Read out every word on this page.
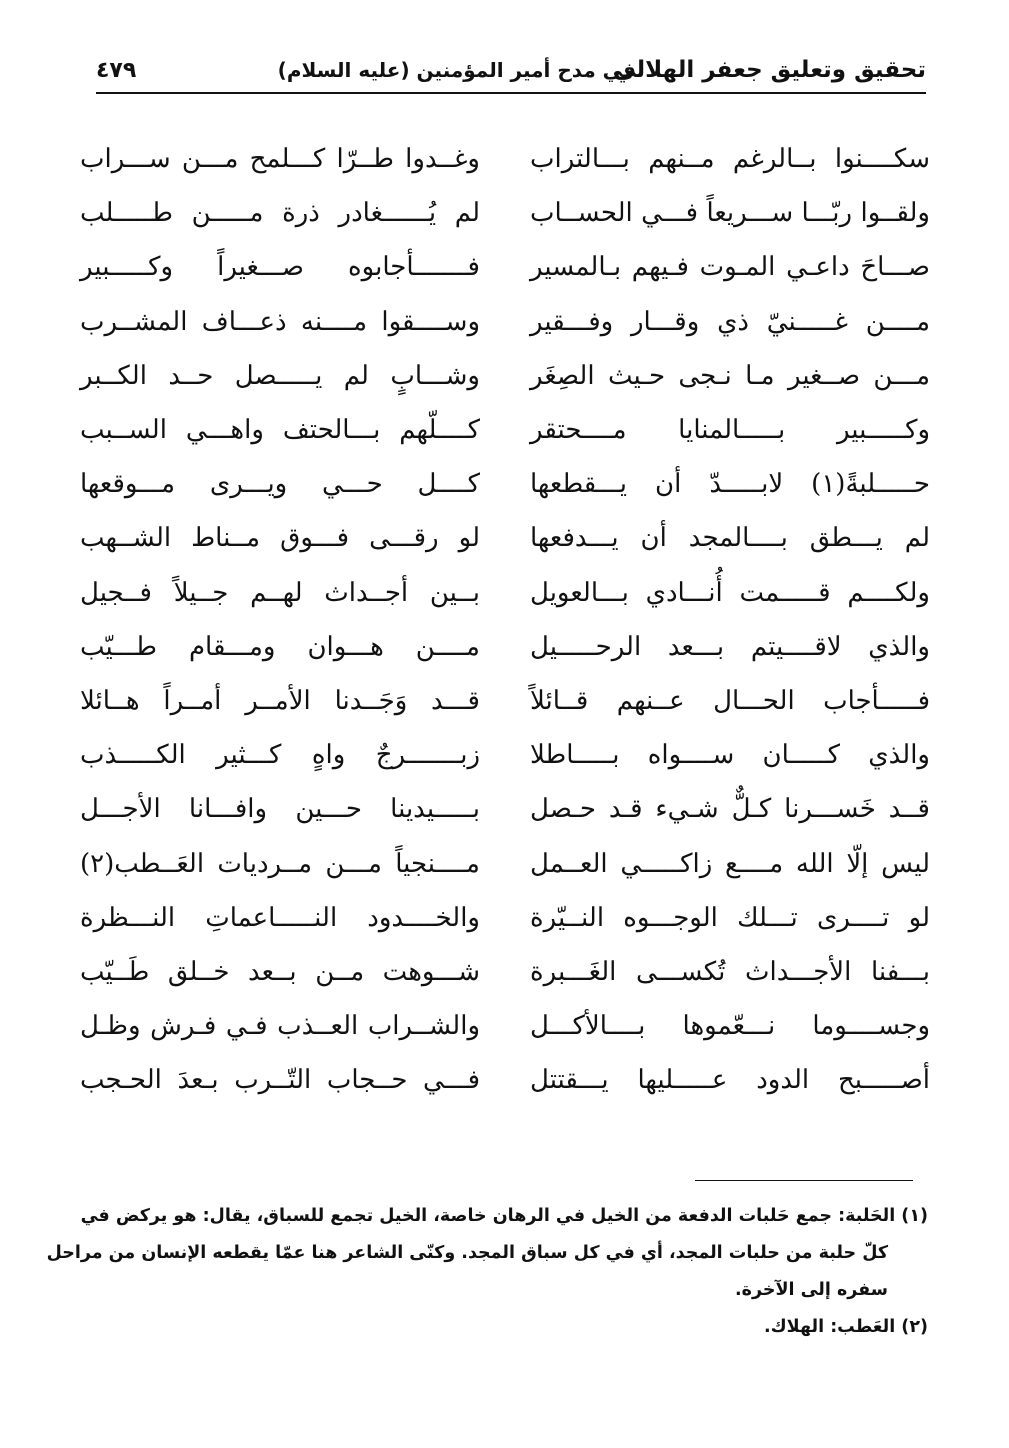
تحقيق وتعليق جعفر الهلالي
في مدح أمير المؤمنين (عليه السلام)
٤٧٩
سكــــنوا بــالرغم مــنهم بـــالتراب
وغــدوا طــرّا كـــلمح مـــن ســـراب
ولقــوا ربّـــا ســـريعاً فـــي الحســاب
لم يُــــــغادر ذرة مـــــن طـــــلب
صـــاحَ داعـي المـوت فـيهم بـالمسير
فـــــــأجابوه صـــغيراً وكـــــبير
مــــن غـــــنيّ ذي وقـــار وفـــقير
وســــقوا مــــنه ذعـــاف المشــرب
مـــن صــغير مـا نـجى حـيث الصِغَر
وشـــابٍ لم يـــــصل حــد الكــبر
وكـــــبير بـــــالمنايا مــــحتقر
كــــلّهم بـــالحتف واهـــي الســبب
حـــــلبةً(١) لابـــــدّ أن يـــقطعها
كــــل حـــي ويـــرى مـــوقعها
لم يـــطق بــــالمجد أن يـــدفعها
لو رقـــى فـــوق مــناط الشــهب
ولكــــم قـــــمت أُنـــادي بـــالعويل
بــين أجــداث لهــم جــيلاً فــجيل
والذي لاقــــيتم بـــعد الرحـــــيل
مــــن هـــوان ومـــقام طـــيّب
فـــــأجاب الحـــال عــنهم قــائلاً
قـــد وَجَــدنا الأمــر أمــراً هــائلا
والذي كـــــان ســــواه بـــــاطلا
زبـــــــرجٌ واهٍ كـــثير الكـــــذب
قــد خَســـرنا كـلٌّ شـيء قـد حـصل
بـــــيدينا حـــين وافـــانا الأجـــل
ليس إلّا الله مــــع زاكـــــي العــمل
مــــنجياً مـــن مــرديات العَــطب(٢)
لو تــــرى تـــلك الوجـــوه النــيّرة
والخــــدود النـــــاعماتِ النـــظرة
بـــفنا الأجـــداث تُكســـى الغَـــبرة
شـــوهت مــن بــعد خــلق طَــيّب
وجســــوما نـــعّموها بــــالأكـــل
والشــراب العــذب فـي فـرش وظـل
أصـــــبح الدود عـــــليها يـــقتتل
فـــي حــجاب التّــرب بـعدَ الحـجب
(١) الحَلبة: جمع حَلبات الدفعة من الخيل في الرهان خاصة، الخيل تجمع للسباق، يقال: هو يركض في
كلّ حلبة من حلبات المجد، أي في كل سباق المجد. وكنّى الشاعر هنا عمّا يقطعه الإنسان من مراحل
سفره إلى الآخرة.
(٢) العَطب: الهلاك.
